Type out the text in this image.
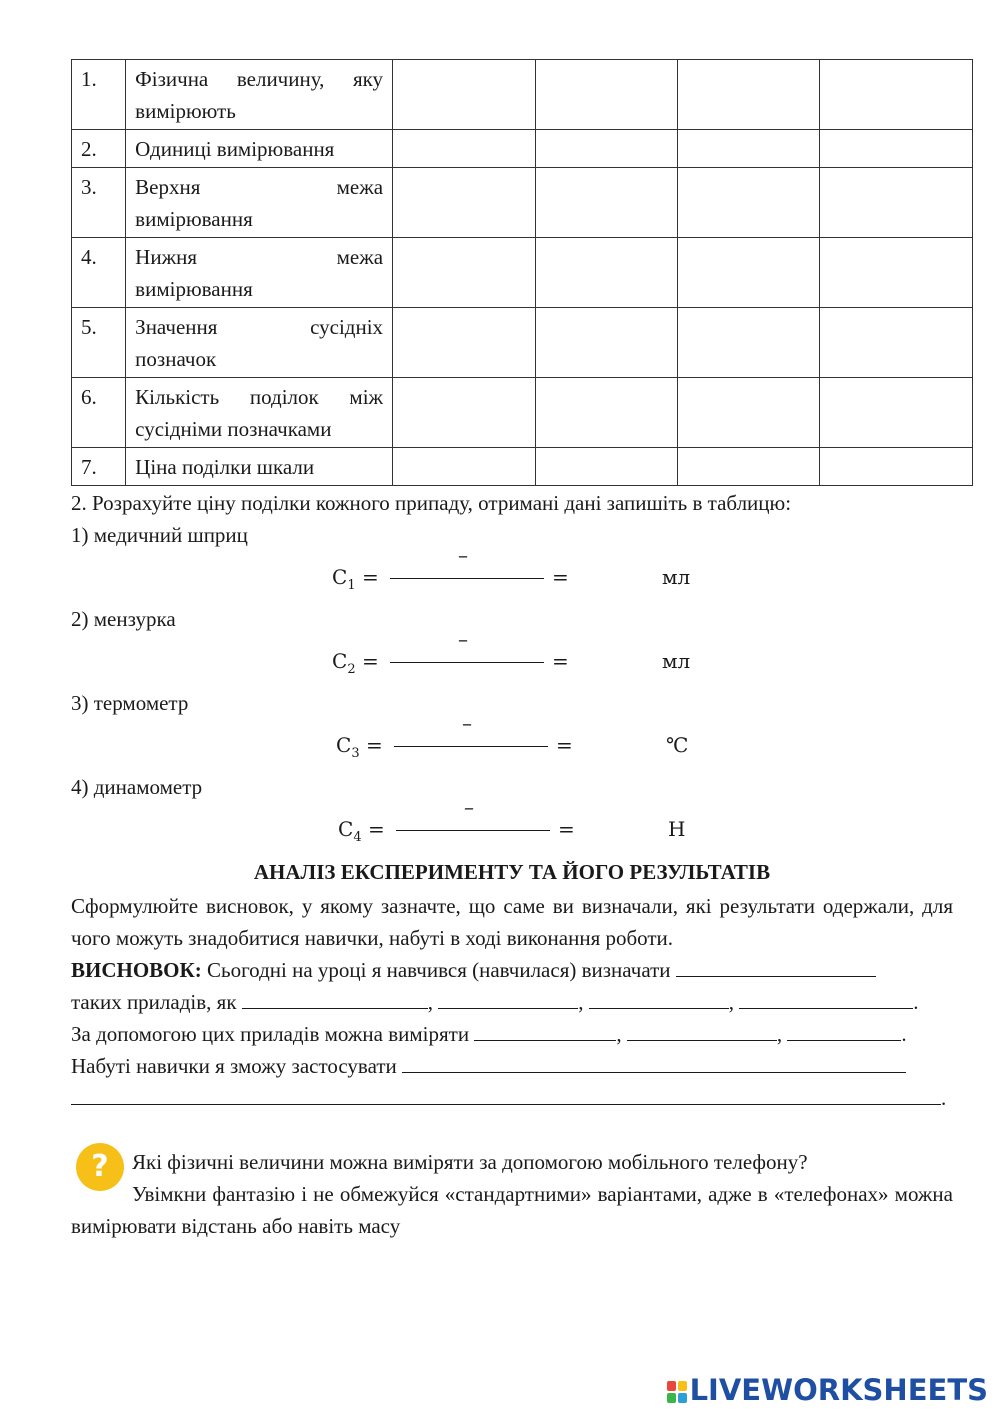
1.	Фізична величину, яку
вимірюють				

2.	Одиниці вимірювання				

3.	Верхня межа
вимірювання				

4.	Нижня межа
вимірювання				

5.	Значення сусідніх
позначок				

6.	Кількість поділок між
сусідніми позначками				

7.	Ціна поділки шкали				

2. Розрахуйте ціну поділки кожного припаду, отримані дані запишіть в таблицю:
1) медичний шприц
$C_1$ =
–
=	мл
2) мензурка
$C_2$ =
–
=	мл
3) термометр
$C_3$ =
–
=	℃
4) динамометр
$C_4$ =
–
=	Н
АНАЛІЗ ЕКСПЕРИМЕНТУ ТА ЙОГО РЕЗУЛЬТАТІВ
Сформулюйте висновок, у якому зазначте, що саме ви визначали, які результати одержали, для чого можуть знадобитися навички, набуті в ході виконання роботи.
ВИСНОВОК: Сьогодні на уроці я навчився (навчилася) визначати
таких приладів, як	,	,	,	.
За допомогою цих приладів можна виміряти	,	,	.
Набуті навички я зможу застосувати
.
?	Які фізичні величини можна виміряти за допомогою мобільного телефону?
Увімкни фантазію і не обмежуйся «стандартними» варіантами, адже в «телефонах» можна вимірювати відстань або навіть масу
LIVEWORKSHEETS
